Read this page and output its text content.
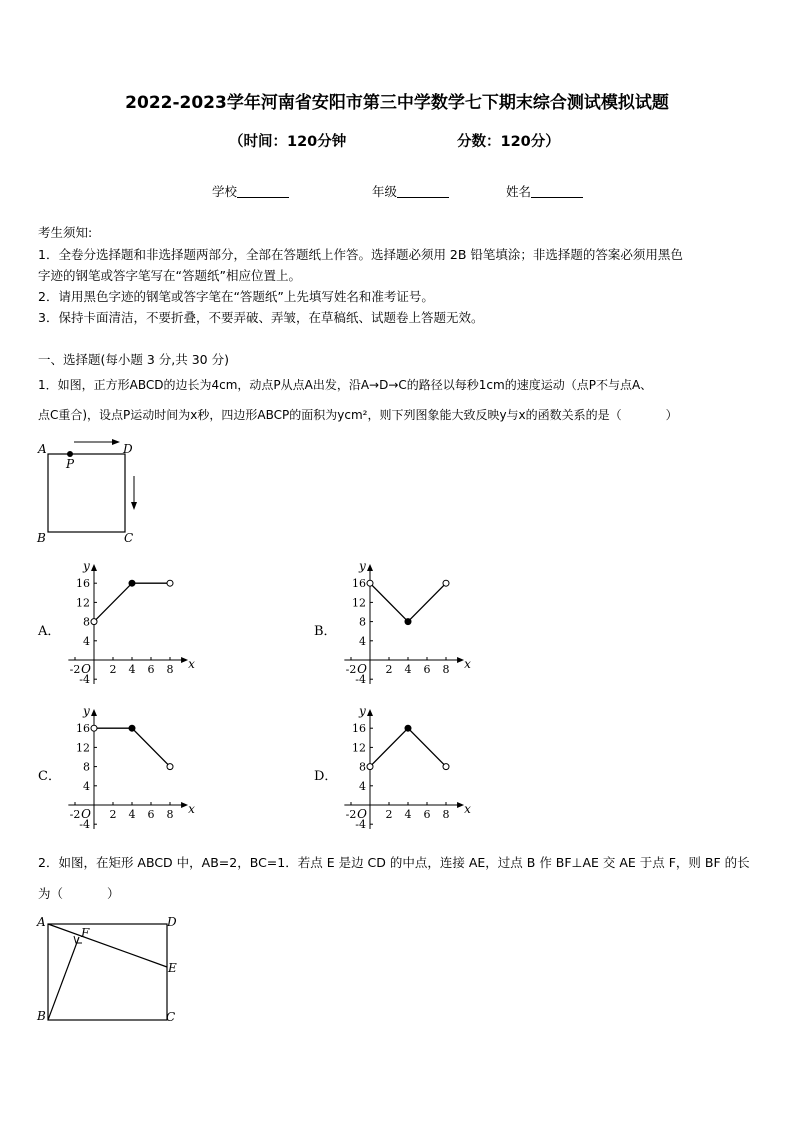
2022-2023学年河南省安阳市第三中学数学七下期末综合测试模拟试题
（时间：120分钟	分数：120分）
学校	年级	姓名
考生须知:
1．全卷分选择题和非选择题两部分，全部在答题纸上作答。选择题必须用 2B 铅笔填涂；非选择题的答案必须用黑色
字迹的钢笔或答字笔写在“答题纸”相应位置上。
2．请用黑色字迹的钢笔或答字笔在“答题纸”上先填写姓名和准考证号。
3．保持卡面清洁，不要折叠，不要弄破、弄皱，在草稿纸、试题卷上答题无效。
一、选择题(每小题 3 分,共 30 分)
1．如图，正方形ABCD的边长为4cm，动点P从点A出发，沿A→D→C的路径以每秒1cm的速度运动（点P不与点A、
点C重合)，设点P运动时间为x秒，四边形ABCP的面积为ycm²，则下列图象能大致反映y与x的函数关系的是（	）
A
P
D
B	C
A．
-2	2 4 6 8
16
12
8
4
-4
O	x
y
B．
-2	2 4 6 8
16
12
8
4
-4
O	x
y
C．
-2	2 4 6 8
16
12
8
4
-4
O	x
y
D．
-2	2 4 6 8
16
12
8
4
-4
O	x
y
2．如图，在矩形 ABCD 中，AB=2，BC=1．若点 E 是边 CD 的中点，连接 AE，过点 B 作 BF⊥AE 交 AE 于点 F，则 BF 的长
为（	）
A
F
D
E
B	C
